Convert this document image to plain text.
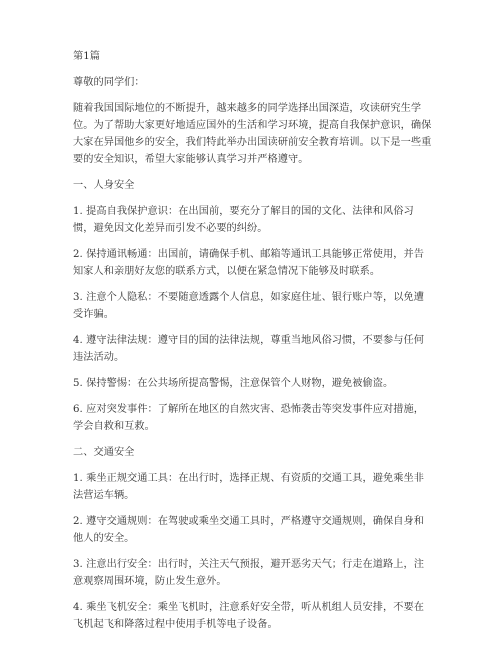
第1篇

尊敬的同学们：

随着我国国际地位的不断提升，越来越多的同学选择出国深造，攻读研究生学位。为了帮助大家更好地适应国外的生活和学习环境，提高自我保护意识，确保大家在异国他乡的安全，我们特此举办出国读研前安全教育培训。以下是一些重要的安全知识，希望大家能够认真学习并严格遵守。

一、人身安全

1. 提高自我保护意识：在出国前，要充分了解目的国的文化、法律和风俗习惯，避免因文化差异而引发不必要的纠纷。

2. 保持通讯畅通：出国前，请确保手机、邮箱等通讯工具能够正常使用，并告知家人和亲朋好友您的联系方式，以便在紧急情况下能够及时联系。

3. 注意个人隐私：不要随意透露个人信息，如家庭住址、银行账户等，以免遭受诈骗。

4. 遵守法律法规：遵守目的国的法律法规，尊重当地风俗习惯，不要参与任何违法活动。

5. 保持警惕：在公共场所提高警惕，注意保管个人财物，避免被偷盗。

6. 应对突发事件：了解所在地区的自然灾害、恐怖袭击等突发事件应对措施，学会自救和互救。

二、交通安全

1. 乘坐正规交通工具：在出行时，选择正规、有资质的交通工具，避免乘坐非法营运车辆。

2. 遵守交通规则：在驾驶或乘坐交通工具时，严格遵守交通规则，确保自身和他人的安全。

3. 注意出行安全：出行时，关注天气预报，避开恶劣天气；行走在道路上，注意观察周围环境，防止发生意外。

4. 乘坐飞机安全：乘坐飞机时，注意系好安全带，听从机组人员安排，不要在飞机起飞和降落过程中使用手机等电子设备。
